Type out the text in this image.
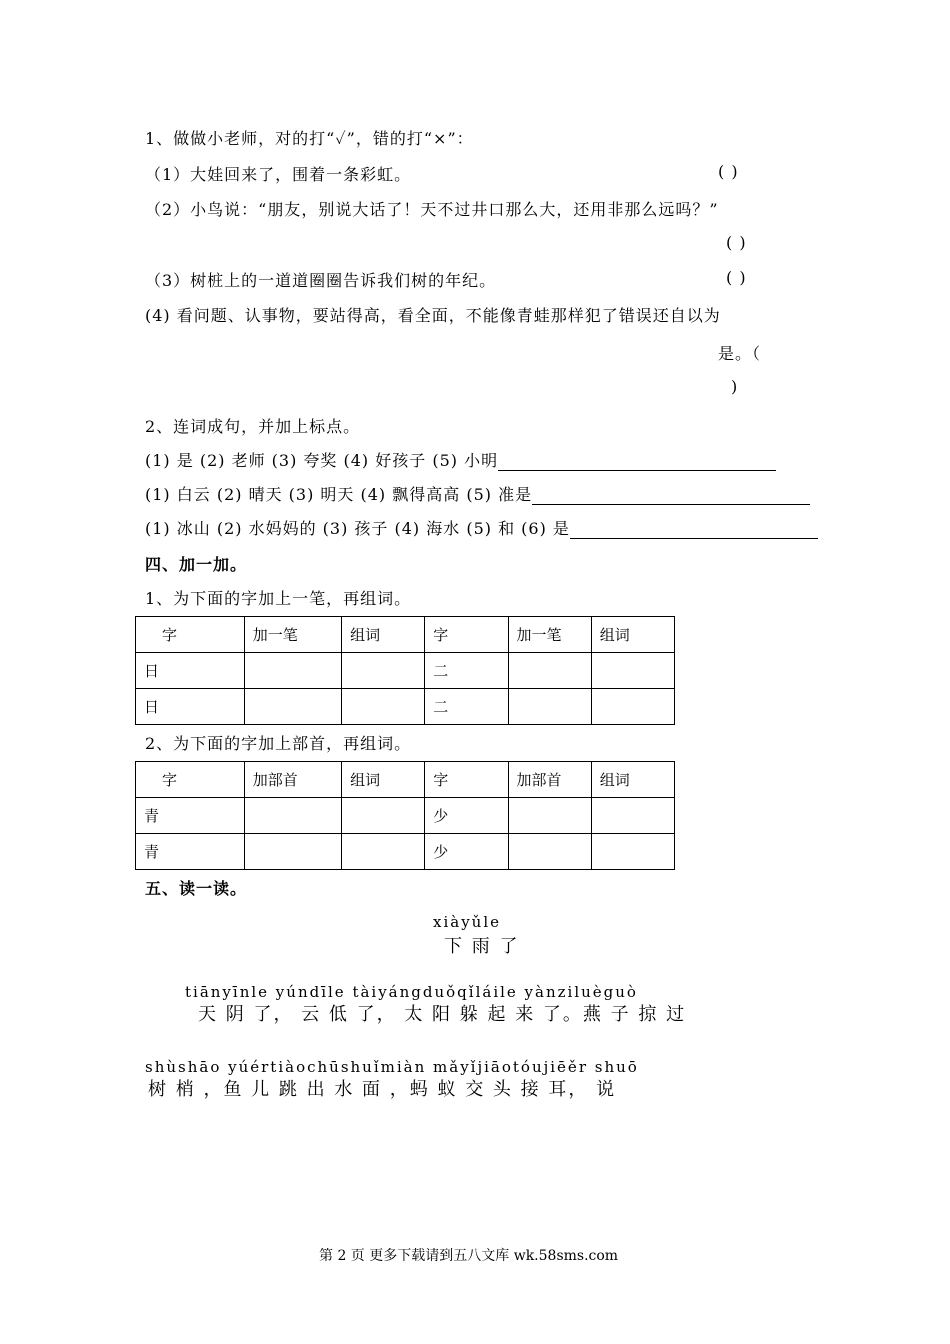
1、做做小老师，对的打“✓”，错的打“×”：
（1）大娃回来了，围着一条彩虹。	( )
（2）小鸟说：“朋友，别说大话了！天不过井口那么大，还用非那么远吗？”
( )
（3）树桩上的一道道圈圈告诉我们树的年纪。	( )
(4) 看问题、认事物，要站得高，看全面，不能像青蛙那样犯了错误还自以为
是。（
)
2、连词成句，并加上标点。
(1) 是 (2) 老师 (3) 夸奖 (4) 好孩子 (5) 小明
(1) 白云 (2) 晴天 (3) 明天 (4) 飘得高高 (5) 准是
(1) 冰山 (2) 水妈妈的 (3) 孩子 (4) 海水 (5) 和 (6) 是
四、加一加。
1、为下面的字加上一笔，再组词。
字	加一笔	组词	字	加一笔	组词
日			二		
日			二		
2、为下面的字加上部首，再组词。
字	加部首	组词	字	加部首	组词
青			少		
青			少		
五、读一读。
xiàyǔle
下 雨 了
tiānyīnle yúndīle tàiyángduǒqǐláile yànziluèguò
天 阴 了， 云 低 了， 太 阳 躲 起 来 了。燕 子 掠 过
shùshāo yúértiàochūshuǐmiàn mǎyǐjiāotóujiēěr shuō
树 梢 ，鱼 儿 跳 出 水 面 ，蚂 蚁 交 头 接 耳， 说
第 2 页 更多下载请到五八文库 wk.58sms.com
